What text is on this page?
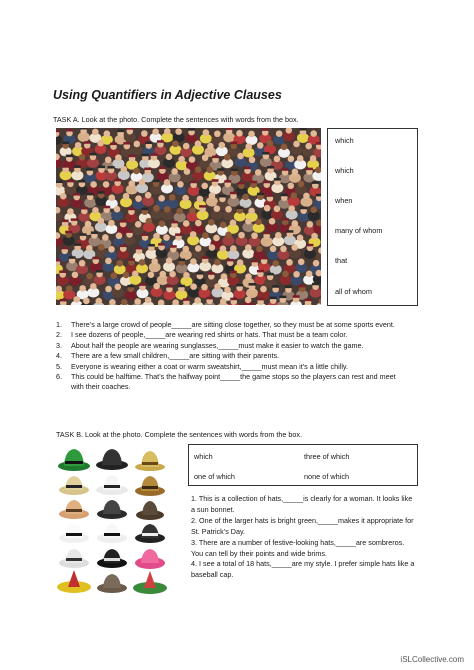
Using Quantifiers in Adjective Clauses

TASK A. Look at the photo. Complete the sentences with words from the box.

which
which
when
many of whom
that
all of whom
1. There’s a large crowd of people_____are sitting close together, so they must be at some sports event.
2. I see dozens of people,_____are wearing red shirts or hats. That must be a team color.
3. About half the people are wearing sunglasses,_____must make it easier to watch the game.
4. There are a few small children,_____are sitting with their parents.
5. Everyone is wearing either a coat or warm sweatshirt,_____must mean it’s a little chilly.
6. This could be halftime. That’s the halfway point_____the game stops so the players can rest and meet with their coaches.

TASK B. Look at the photo. Complete the sentences with words from the box.

which	three of which
one of which	none of which
1. This is a collection of hats,_____is clearly for a woman. It looks like a sun bonnet.
2. One of the larger hats is bright green,_____makes it appropriate for St. Patrick’s Day.
3. There are a number of festive-looking hats,_____are sombreros. You can tell by their points and wide brims.
4. I see a total of 18 hats,_____are my style. I prefer simple hats like a baseball cap.
iSLCollective.com
